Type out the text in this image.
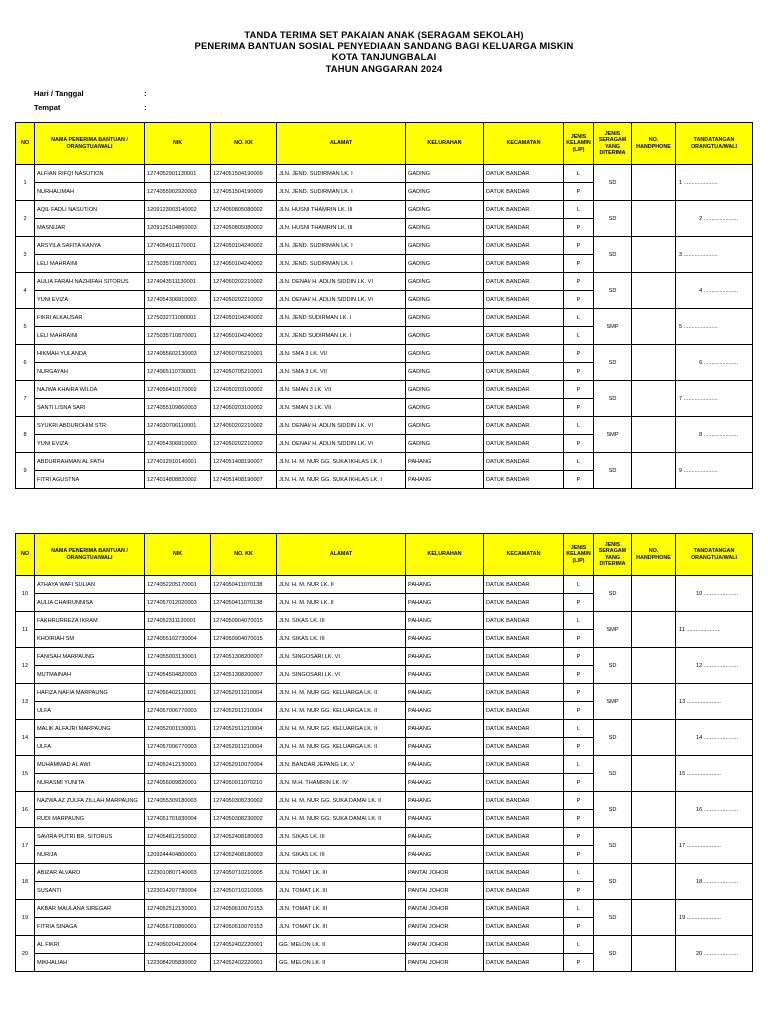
TANDA TERIMA SET PAKAIAN ANAK (SERAGAM SEKOLAH)
PENERIMA BANTUAN SOSIAL PENYEDIAAN SANDANG BAGI KELUARGA MISKIN
KOTA TANJUNGBALAI
TAHUN ANGGARAN 2024
Hari / Tanggal	:
Tempat	:
NO	NAMA PENERIMA BANTUAN / ORANGTUA/WALI	NIK	NO. KK	ALAMAT	KELURAHAN	KECAMATAN	JENIS KELAMIN (L/P)	JENIS SERAGAM YANG DITERIMA	NO. HANDPHONE	TANDATANGAN ORANGTUA/WALI
1	ALFIAN RIFQI NASUTION	1274052901130001	1274051504190009	JLN. JEND. SUDIRMAN LK. I	GADING	DATUK BANDAR	L	SD		1 ......................
	NURHALIMAH	1274055902920003	1274051504190009	JLN. JEND. SUDIRMAN LK. I	GADING	DATUK BANDAR	P			
2	AQIL FADLI NASUTION	1209123003140002	1274050805080002	JLN. HUSNI THAMRIN LK. III	GADING	DATUK BANDAR	L	SD		2 ......................
	MASNIJAR	1209125104860003	1274050805080002	JLN. HUSNI THAMRIN LK. III	GADING	DATUK BANDAR	P			
3	ARSYILA SAFITA KANYA	1274054911170001	1274050104240002	JLN. JEND. SUDIRMAN LK. I	GADING	DATUK BANDAR	P	SD		3 ......................
	LELI MAHRAINI	1275035710870001	1274050104240002	JLN. JEND. SUDIRMAN LK. I	GADING	DATUK BANDAR	P			
4	AULIA FARAH NAZHIFAH SITORUS	1274043511130001	1274050202210002	JLN. DENAI/ H. ADLIN SIDDIN LK. VI	GADING	DATUK BANDAR	P	SD		4 ......................
	YUNI EVIZA	1274054306810003	1274050202210002	JLN. DENAI/ H. ADLIN SIDDIN LK. VI	GADING	DATUK BANDAR	P			
5	FIKRI ALKAUSAR	1275032711090001	1274050104240002	JLN. JEND SUDIRMAN LK. I	GADING	DATUK BANDAR	L	SMP		5 ......................
	LELI MAHRAINI	1275035710870001	1274050104240002	JLN. JEND SUDIRMAN LK. I	GADING	DATUK BANDAR	L			
6	HIKMAH YULANDA	1274055602130003	1274050705210001	JLN. SMA 3 LK. VII	GADING	DATUK BANDAR	P	SD		6 ......................
	NURGAYAH	1274065110730001	1274050705210001	JLN. SMA 3 LK. VII	GADING	DATUK BANDAR	P			
7	NAJWA KHAIRA WILDA	1274056410170002	1274050203100002	JLN. SMAN 3 LK. VII	GADING	DATUK BANDAR	P	SD		7 ......................
	SANTI LISNA SARI	1274055109860003	1274050203100002	JLN. SMAN 3 LK. VII	GADING	DATUK BANDAR	P			
8	SYUKRI ABDUROHIM STR	1274030706110001	1274050202210002	JLN. DENAI/ H. ADLIN SIDDIN LK. VI	GADING	DATUK BANDAR	L	SMP		8 ......................
	YUNI EVIZA	1274054306810003	1274050202210002	JLN. DENAI/ H. ADLIN SIDDIN LK. VI	GADING	DATUK BANDAR	P			
9	ABDURRAHMAN AL FATH	1274012910140001	1274051408190007	JLN. H. M. NUR GG. SUKA IKHLAS LK. I	PAHANG	DATUK BANDAR	L	SD		9 ......................
	FITRI AGUSTNA	1274014808820002	1274051408190007	JLN. H. M. NUR GG. SUKA IKHLAS LK. I	PAHANG	DATUK BANDAR	P			
NO	NAMA PENERIMA BANTUAN / ORANGTUA/WALI	NIK	NO. KK	ALAMAT	KELURAHAN	KECAMATAN	JENIS KELAMIN (L/P)	JENIS SERAGAM YANG DITERIMA	NO. HANDPHONE	TANDATANGAN ORANGTUA/WALI
10	ATHAYA WAFI SULIAN	1274052205170001	1274050411070138	JLN. H. M. NUR LK. II	PAHANG	DATUK BANDAR	L	SD		10 ......................
	AULIA CHAIRUNNISA	1274057012020003	1274050411070138	JLN. H. M. NUR LK. II	PAHANG	DATUK BANDAR	P			
11	FAKHRURREZA IKRAM	1274052311120001	1274050904070015	JLN. SIKAS LK. III	PAHANG	DATUK BANDAR	L	SMP		11 ......................
	KHOIRIAH SM	1274055102730004	1274050904070015	JLN. SIKAS LK. III	PAHANG	DATUK BANDAR	P			
12	FANISAH MARPAUNG	1274055003130001	1274051308200007	JLN. SINGOSARI LK. VI	PAHANG	DATUK BANDAR	P	SD		12 ......................
	MUTMAINAH	1274054504820003	1274051308200007	JLN. SINGOSARI LK. VI	PAHANG	DATUK BANDAR	P			
13	HAFIZA NAFIA MARPAUNG	1274056402110001	1274052911210004	JLN. H. M. NUR GG. KELUARGA LK. II	PAHANG	DATUK BANDAR	P	SMP		13 ......................
	ULFA	1274057006770003	1274052911210004	JLN. H. M. NUR GG. KELUARGA LK. II	PAHANG	DATUK BANDAR	P			
14	MALIK ALFAJRI MARPAUNG	1274052001130001	1274052911210004	JLN. H. M. NUR GG. KELUARGA LK. II	PAHANG	DATUK BANDAR	L	SD		14 ......................
	ULFA	1274057006770003	1274052911210004	JLN. H. M. NUR GG. KELUARGA LK. II	PAHANG	DATUK BANDAR	P			
15	MUHAMMAD AL AWI	1274052412130001	1274052910070004	JLN. BANDAR JEPANG LK. V	PAHANG	DATUK BANDAR	L	SD		15 ......................
	NURASMI YUNITA	1274056009820001	1274050911070210	JLN. M.H. THAMRIN LK. IV	PAHANG	DATUK BANDAR	P			
16	NAZWA AZ ZULFA ZILLAH MARPAUNG	1274055309180003	1274050308230002	JLN. H. M. NUR GG. SUKA DAMAI LK. II	PAHANG	DATUK BANDAR	P	SD		16 ......................
	RUDI MARPAUNG	1274051701830004	1274050308230002	JLN. H. M. NUR GG. SUKA DAMAI LK. II	PAHANG	DATUK BANDAR	P			
17	SAVIRA PUTRI BR. SITORUS	1274054812150002	1274052408180003	JLN. SIKAS LK. III	PAHANG	DATUK BANDAR	P	SD		17 ......................
	NURIJA	1209244404800001	1274052408180003	JLN. SIKAS LK. III	PAHANG	DATUK BANDAR	P			
18	ABIZAR ALVARO	1223010807140003	1274050710210005	JLN. TOMAT LK. III	PANTAI JOHOR	DATUK BANDAR	L	SD		18 ......................
	SUSANTI	1223014207780004	1274050710210005	JLN. TOMAT LK. III	PANTAI JOHOR	DATUK BANDAR	P			
19	AKBAR MAULANA SIREGAR	1274052512130001	1274050610070153	JLN. TOMAT LK. III	PANTAI JOHOR	DATUK BANDAR	L	SD		19 ......................
	FITRIA SINAGA	1274056710860001	1274050610070153	JLN. TOMAT LK. III	PANTAI JOHOR	DATUK BANDAR	P			
20	AL FIKRI	1274050204120004	1274052402220001	GG. MELON LK. II	PANTAI JOHOR	DATUK BANDAR	L	SD		20 ......................
	MIKHALIAH	1223084205830002	1274052402220001	GG. MELON LK. II	PANTAI JOHOR	DATUK BANDAR	P			
